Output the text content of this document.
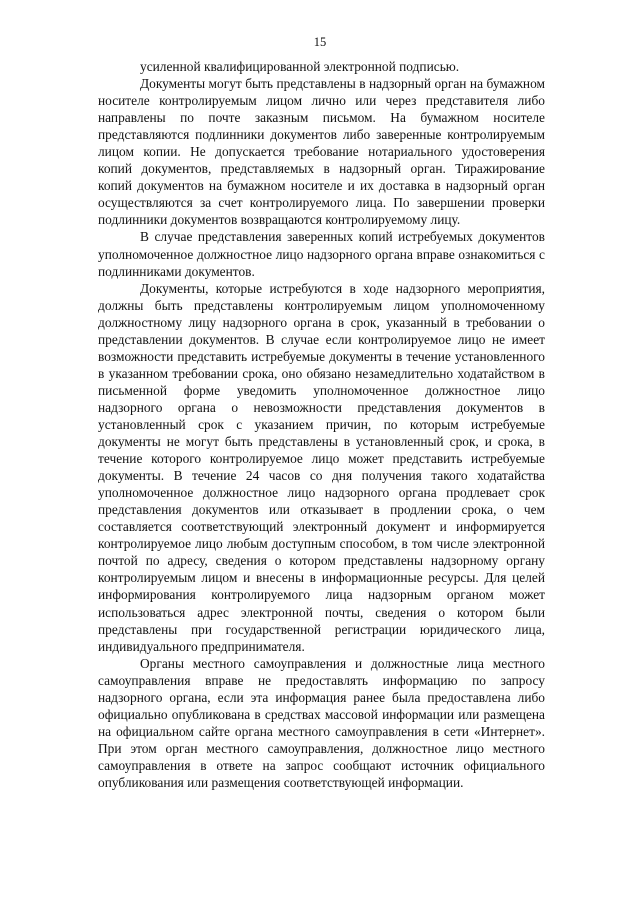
15

усиленной квалифицированной электронной подписью.

Документы могут быть представлены в надзорный орган на бумажном носителе контролируемым лицом лично или через представителя либо направлены по почте заказным письмом. На бумажном носителе представляются подлинники документов либо заверенные контролируемым лицом копии. Не допускается требование нотариального удостоверения копий документов, представляемых в надзорный орган. Тиражирование копий документов на бумажном носителе и их доставка в надзорный орган осуществляются за счет контролируемого лица. По завершении проверки подлинники документов возвращаются контролируемому лицу.

В случае представления заверенных копий истребуемых документов уполномоченное должностное лицо надзорного органа вправе ознакомиться с подлинниками документов.

Документы, которые истребуются в ходе надзорного мероприятия, должны быть представлены контролируемым лицом уполномоченному должностному лицу надзорного органа в срок, указанный в требовании о представлении документов. В случае если контролируемое лицо не имеет возможности представить истребуемые документы в течение установленного в указанном требовании срока, оно обязано незамедлительно ходатайством в письменной форме уведомить уполномоченное должностное лицо надзорного органа о невозможности представления документов в установленный срок с указанием причин, по которым истребуемые документы не могут быть представлены в установленный срок, и срока, в течение которого контролируемое лицо может представить истребуемые документы. В течение 24 часов со дня получения такого ходатайства уполномоченное должностное лицо надзорного органа продлевает срок представления документов или отказывает в продлении срока, о чем составляется соответствующий электронный документ и информируется контролируемое лицо любым доступным способом, в том числе электронной почтой по адресу, сведения о котором представлены надзорному органу контролируемым лицом и внесены в информационные ресурсы. Для целей информирования контролируемого лица надзорным органом может использоваться адрес электронной почты, сведения о котором были представлены при государственной регистрации юридического лица, индивидуального предпринимателя.

Органы местного самоуправления и должностные лица местного самоуправления вправе не предоставлять информацию по запросу надзорного органа, если эта информация ранее была предоставлена либо официально опубликована в средствах массовой информации или размещена на официальном сайте органа местного самоуправления в сети «Интернет». При этом орган местного самоуправления, должностное лицо местного самоуправления в ответе на запрос сообщают источник официального опубликования или размещения соответствующей информации.
